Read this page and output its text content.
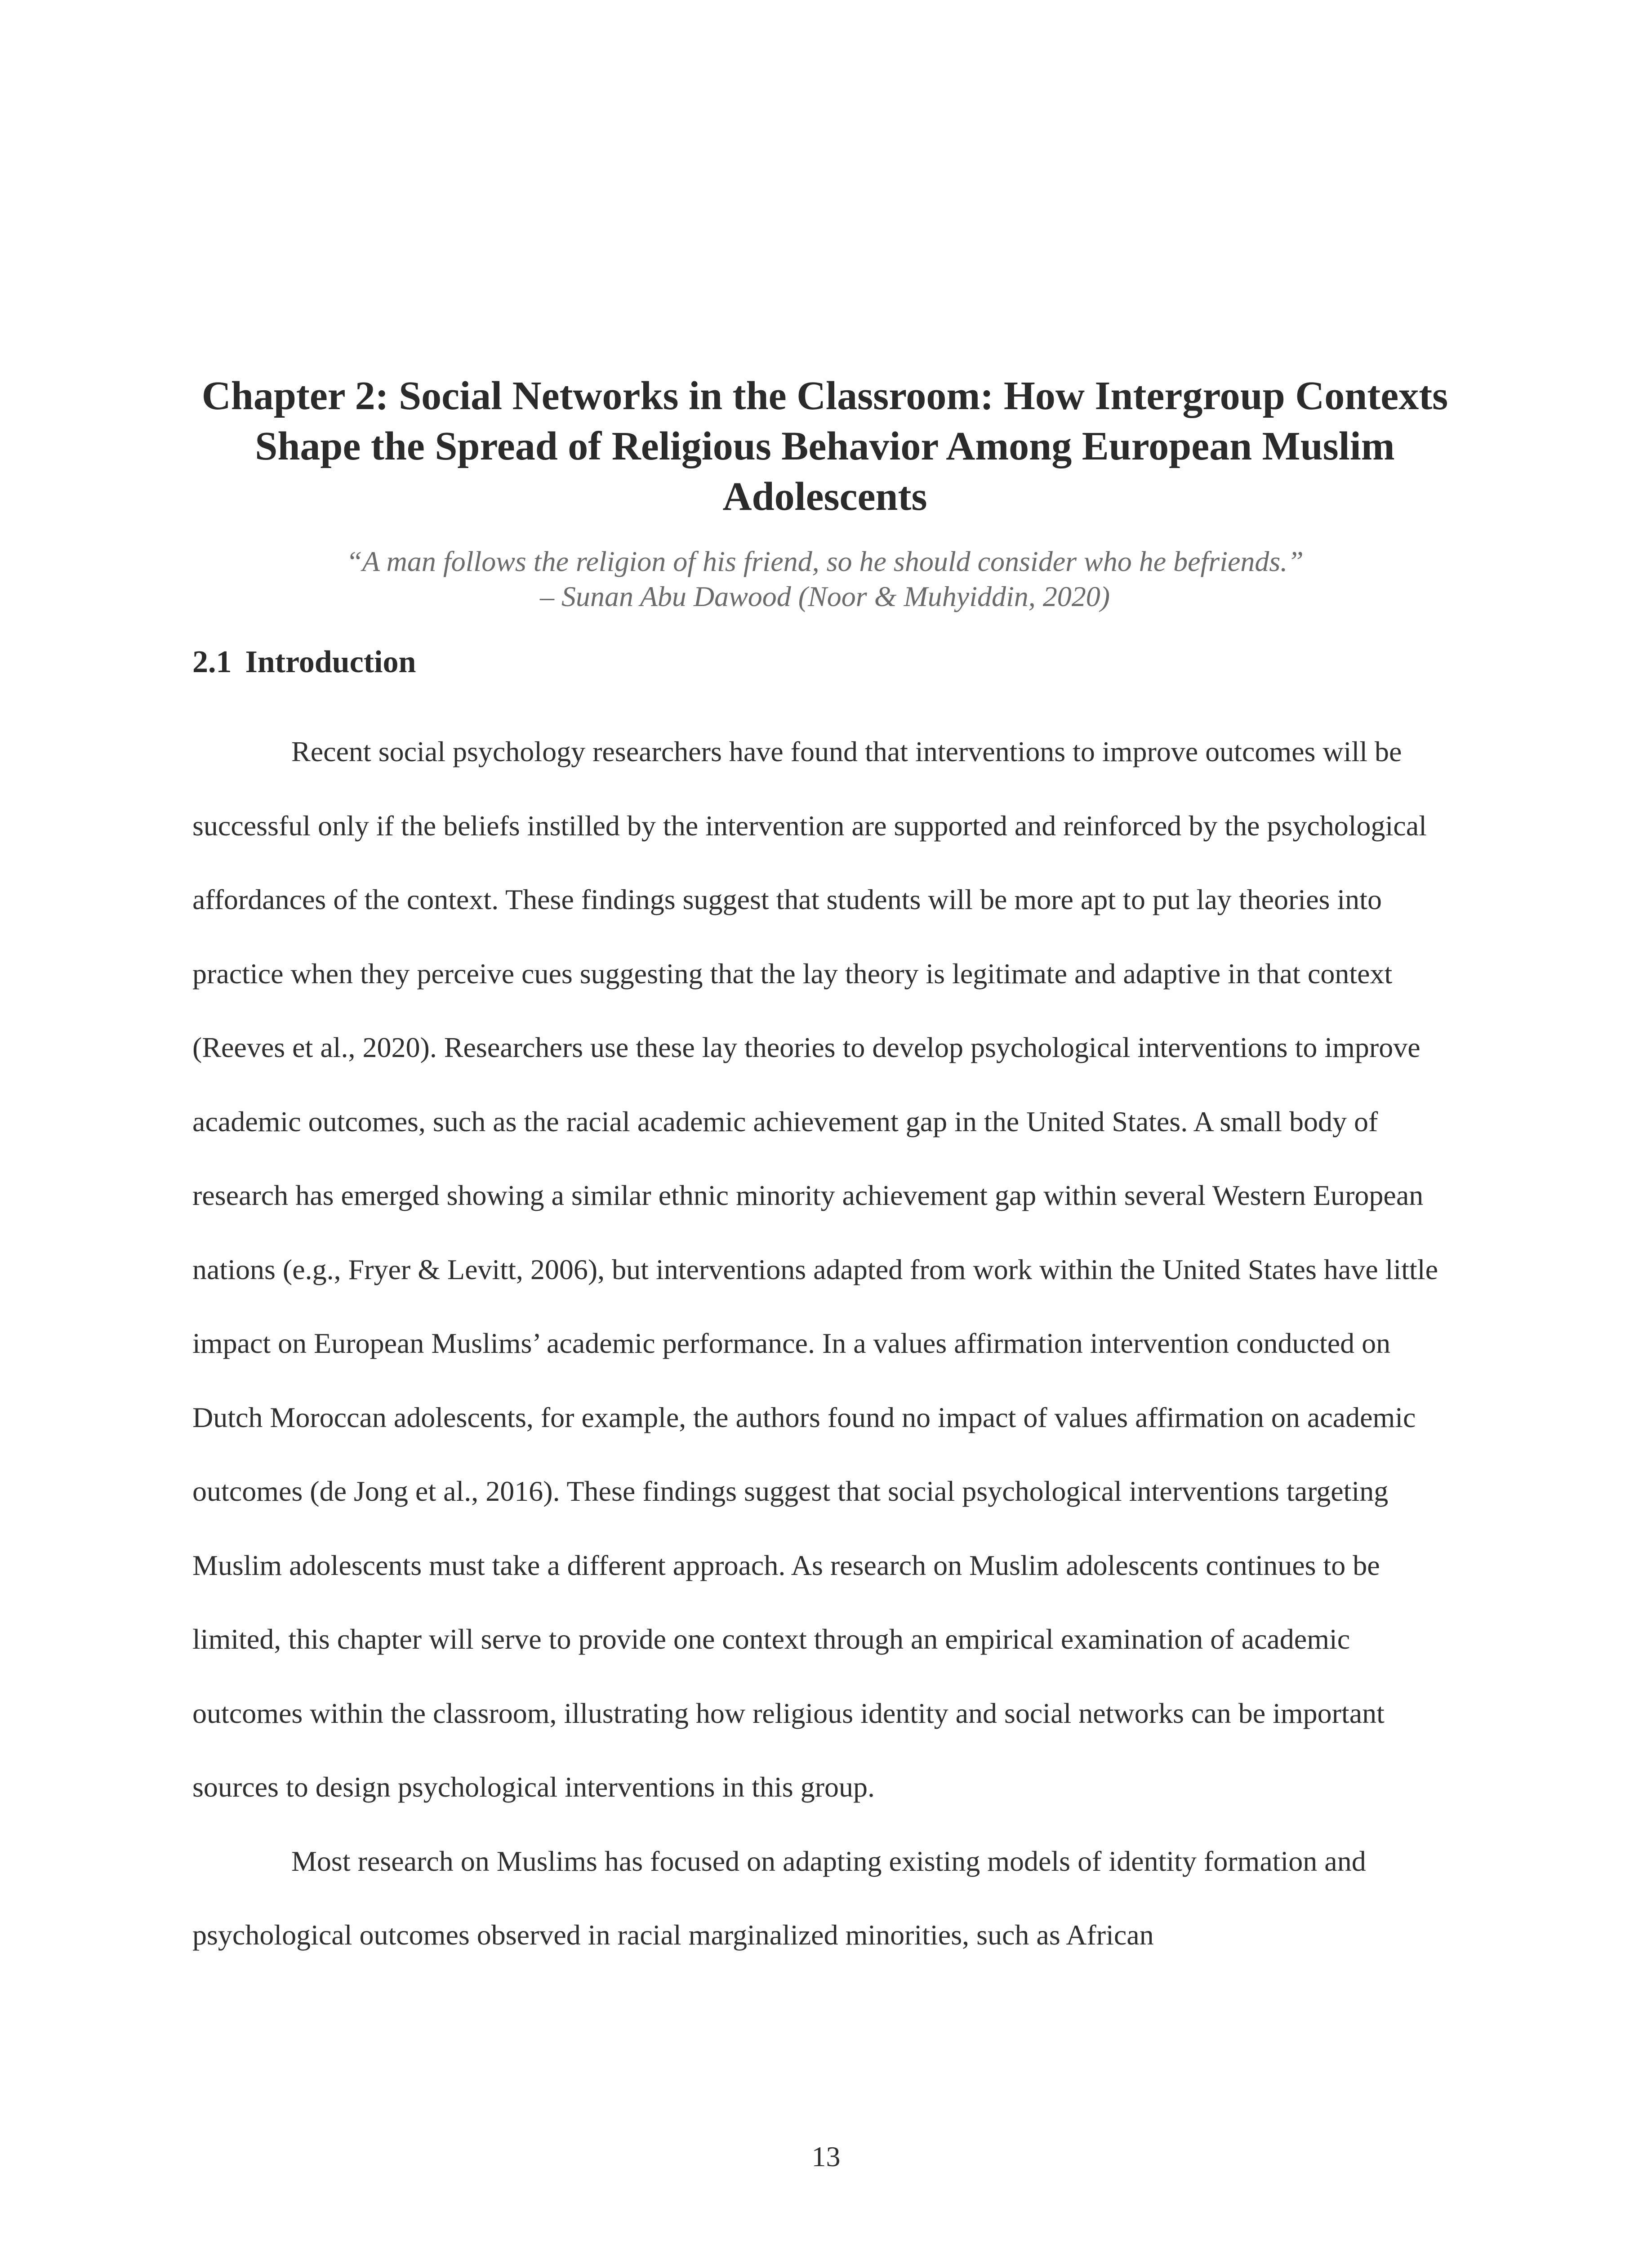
Chapter 2: Social Networks in the Classroom: How Intergroup Contexts Shape the Spread of Religious Behavior Among European Muslim Adolescents
“A man follows the religion of his friend, so he should consider who he befriends.”
– Sunan Abu Dawood (Noor & Muhyiddin, 2020)
2.1 Introduction

Recent social psychology researchers have found that interventions to improve outcomes will be successful only if the beliefs instilled by the intervention are supported and reinforced by the psychological affordances of the context. These findings suggest that students will be more apt to put lay theories into practice when they perceive cues suggesting that the lay theory is legitimate and adaptive in that context (Reeves et al., 2020). Researchers use these lay theories to develop psychological interventions to improve academic outcomes, such as the racial academic achievement gap in the United States. A small body of research has emerged showing a similar ethnic minority achievement gap within several Western European nations (e.g., Fryer & Levitt, 2006), but interventions adapted from work within the United States have little impact on European Muslims’ academic performance. In a values affirmation intervention conducted on Dutch Moroccan adolescents, for example, the authors found no impact of values affirmation on academic outcomes (de Jong et al., 2016). These findings suggest that social psychological interventions targeting Muslim adolescents must take a different approach. As research on Muslim adolescents continues to be limited, this chapter will serve to provide one context through an empirical examination of academic outcomes within the classroom, illustrating how religious identity and social networks can be important sources to design psychological interventions in this group.

Most research on Muslims has focused on adapting existing models of identity formation and psychological outcomes observed in racial marginalized minorities, such as African

13
